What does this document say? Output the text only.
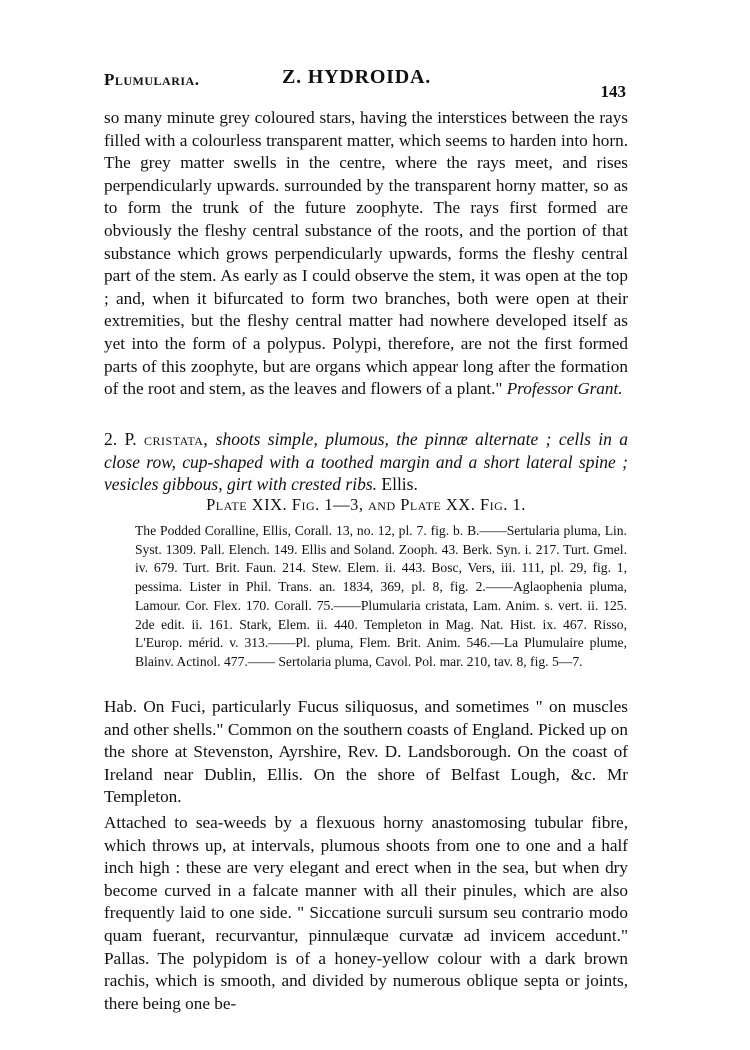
Plumularia.	Z. HYDROIDA.
143
so many minute grey coloured stars, having the interstices between the rays filled with a colourless transparent matter, which seems to harden into horn. The grey matter swells in the centre, where the rays meet, and rises perpendicularly upwards. surrounded by the transparent horny matter, so as to form the trunk of the future zoophyte. The rays first formed are obviously the fleshy central substance of the roots, and the portion of that substance which grows perpendicularly upwards, forms the fleshy central part of the stem. As early as I could observe the stem, it was open at the top ; and, when it bifurcated to form two branches, both were open at their extremities, but the fleshy central matter had nowhere developed itself as yet into the form of a polypus. Polypi, therefore, are not the first formed parts of this zoophyte, but are organs which appear long after the formation of the root and stem, as the leaves and flowers of a plant." Professor Grant.
2. P. cristata, shoots simple, plumous, the pinnæ alternate ; cells in a close row, cup-shaped with a toothed margin and a short lateral spine ; vesicles gibbous, girt with crested ribs. Ellis.
Plate XIX. Fig. 1—3, and Plate XX. Fig. 1.
The Podded Coralline, Ellis, Corall. 13, no. 12, pl. 7. fig. b. B.——Sertularia pluma, Lin. Syst. 1309. Pall. Elench. 149. Ellis and Soland. Zooph. 43. Berk. Syn. i. 217. Turt. Gmel. iv. 679. Turt. Brit. Faun. 214. Stew. Elem. ii. 443. Bosc, Vers, iii. 111, pl. 29, fig. 1, pessima. Lister in Phil. Trans. an. 1834, 369, pl. 8, fig. 2.——Aglaophenia pluma, Lamour. Cor. Flex. 170. Corall. 75.——Plumularia cristata, Lam. Anim. s. vert. ii. 125. 2de edit. ii. 161. Stark, Elem. ii. 440. Templeton in Mag. Nat. Hist. ix. 467. Risso, L'Europ. mérid. v. 313.——Pl. pluma, Flem. Brit. Anim. 546.—La Plumulaire plume, Blainv. Actinol. 477.—— Sertolaria pluma, Cavol. Pol. mar. 210, tav. 8, fig. 5—7.
Hab. On Fuci, particularly Fucus siliquosus, and sometimes " on muscles and other shells." Common on the southern coasts of England. Picked up on the shore at Stevenston, Ayrshire, Rev. D. Landsborough. On the coast of Ireland near Dublin, Ellis. On the shore of Belfast Lough, &c. Mr Templeton.
Attached to sea-weeds by a flexuous horny anastomosing tubular fibre, which throws up, at intervals, plumous shoots from one to one and a half inch high : these are very elegant and erect when in the sea, but when dry become curved in a falcate manner with all their pinules, which are also frequently laid to one side. " Siccatione surculi sursum seu contrario modo quam fuerant, recurvantur, pinnulæque curvatæ ad invicem accedunt." Pallas. The polypidom is of a honey-yellow colour with a dark brown rachis, which is smooth, and divided by numerous oblique septa or joints, there being one be-
